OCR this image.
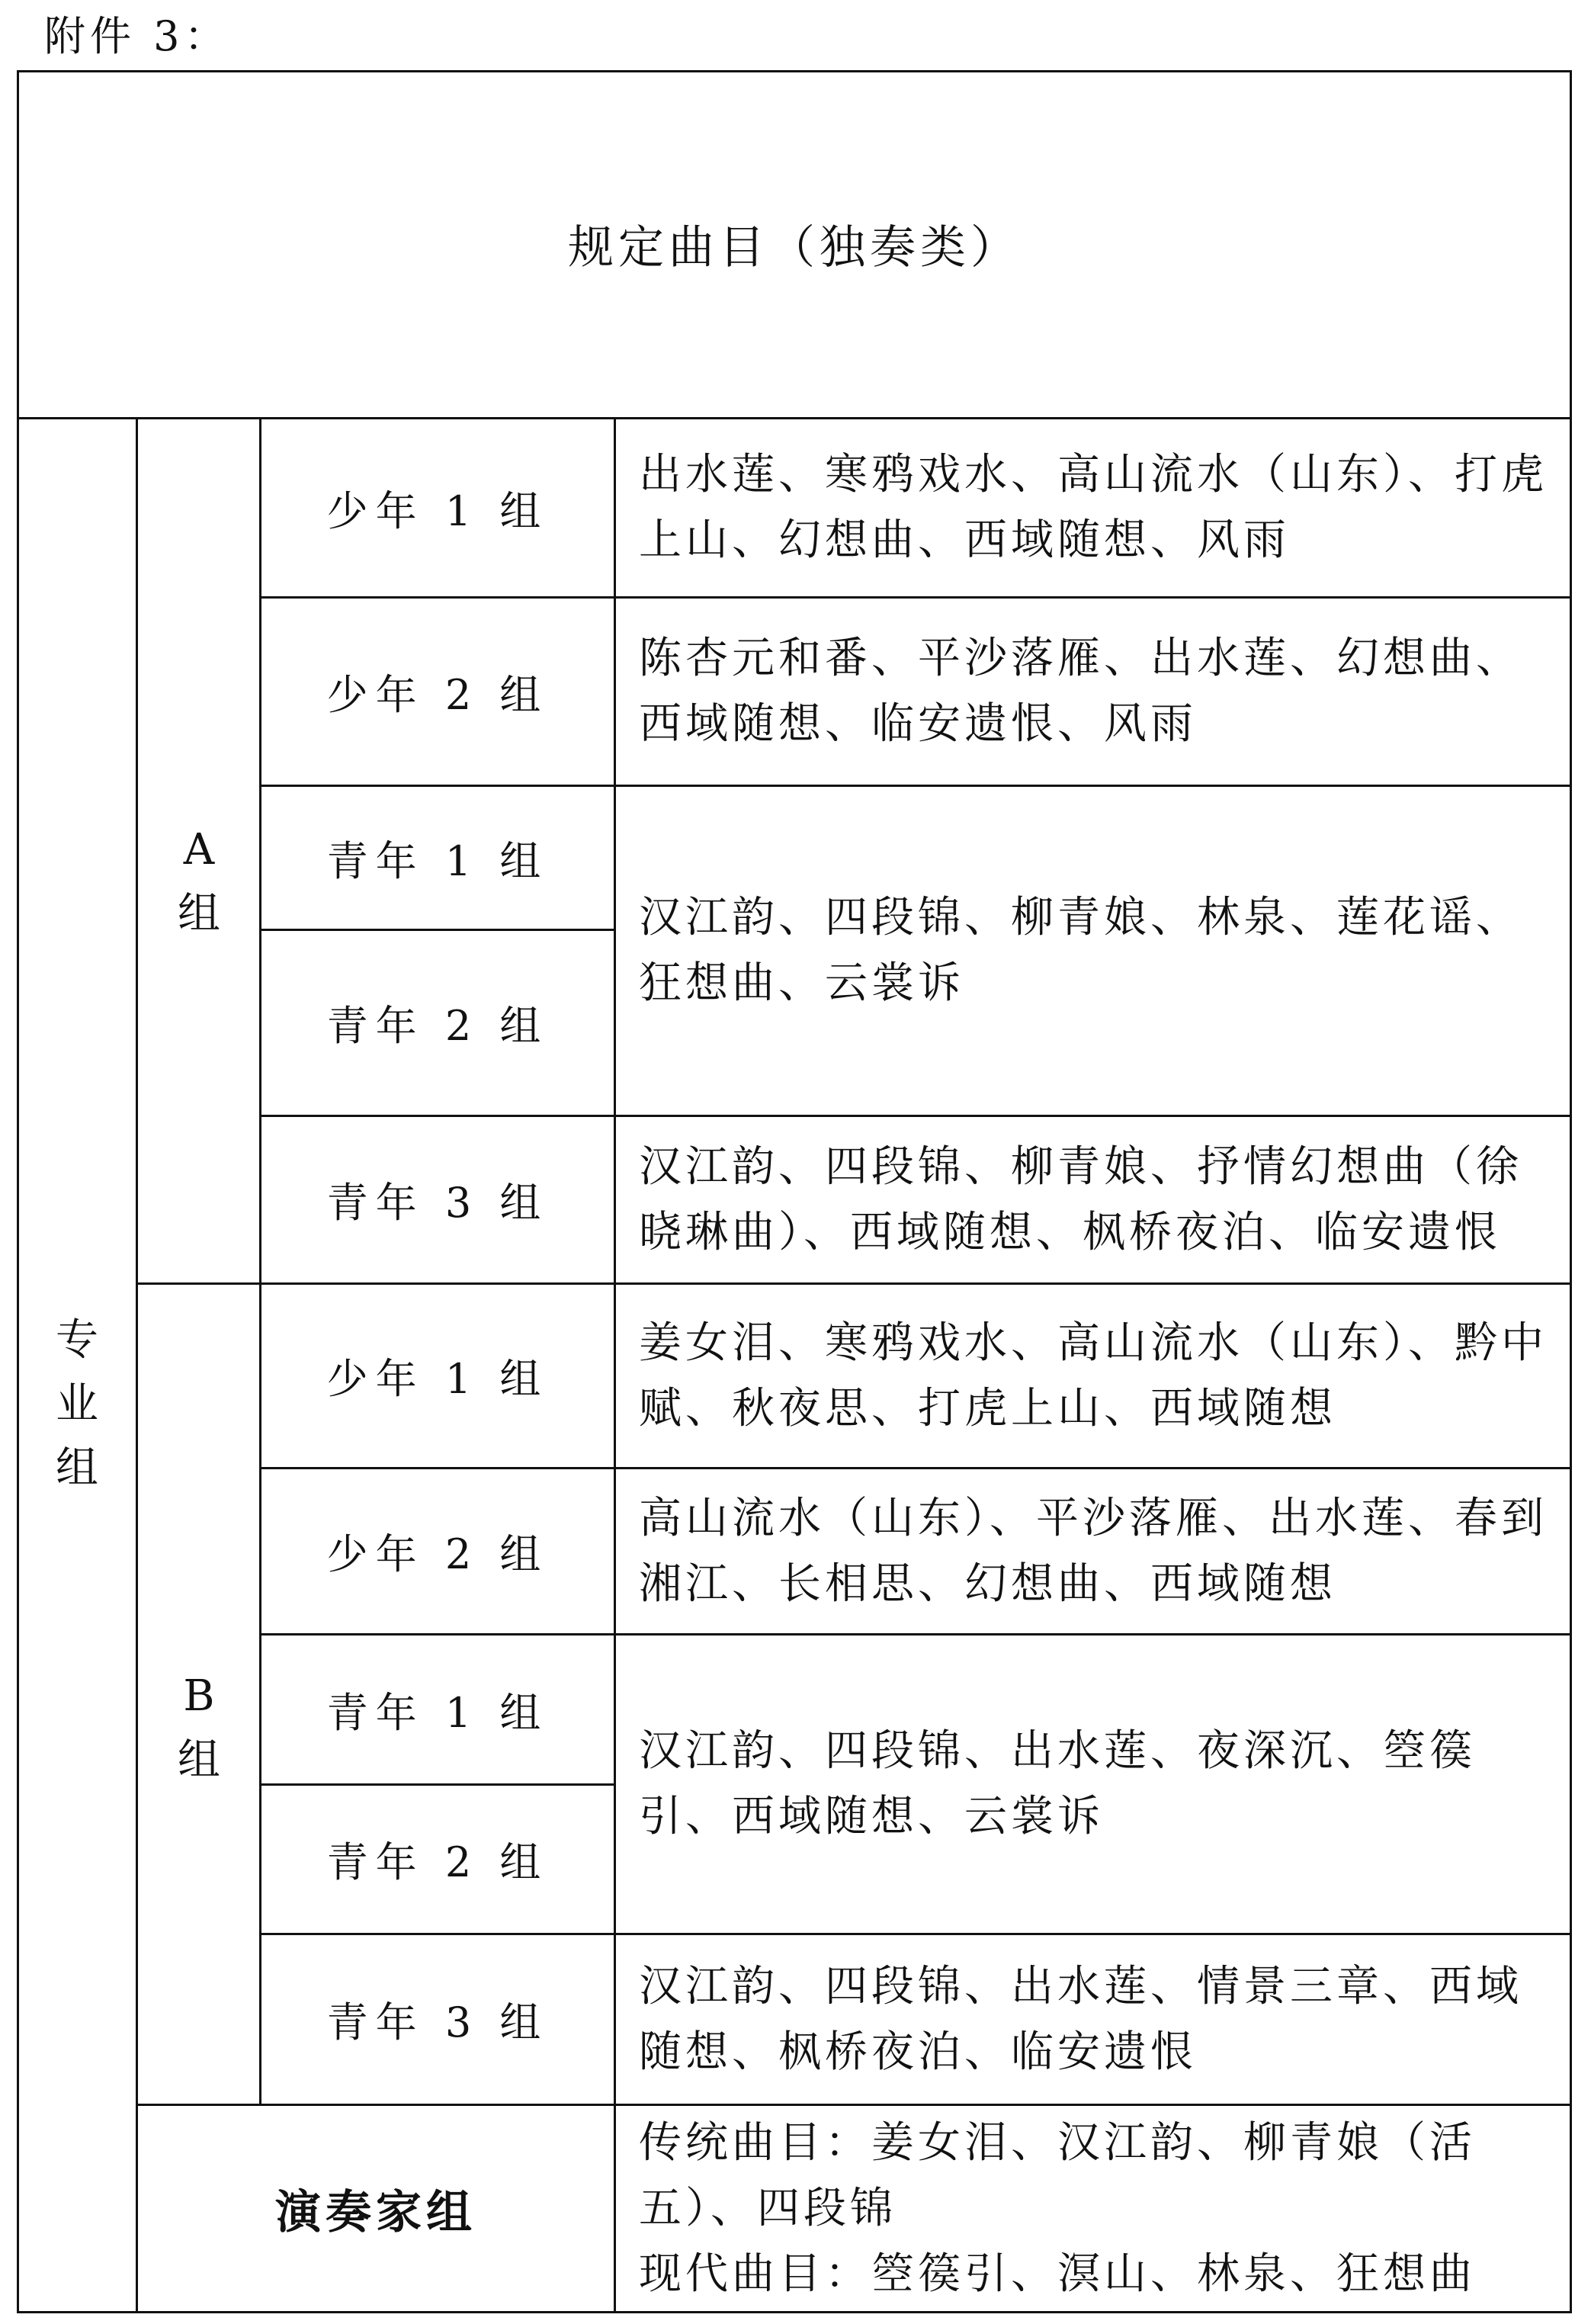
附件 3：
规定曲目（独奏类）
专
业
组
A
组
少年 1 组
少年 2 组
青年 1 组
青年 2 组
青年 3 组
出水莲、寒鸦戏水、高山流水（山东）、打虎上山、幻想曲、西域随想、风雨
陈杏元和番、平沙落雁、出水莲、幻想曲、西域随想、临安遗恨、风雨
汉江韵、四段锦、柳青娘、林泉、莲花谣、狂想曲、云裳诉
汉江韵、四段锦、柳青娘、抒情幻想曲（徐晓琳曲）、西域随想、枫桥夜泊、临安遗恨
B
组
少年 1 组
少年 2 组
青年 1 组
青年 2 组
青年 3 组
姜女泪、寒鸦戏水、高山流水（山东）、黔中赋、秋夜思、打虎上山、西域随想
高山流水（山东）、平沙落雁、出水莲、春到湘江、长相思、幻想曲、西域随想
汉江韵、四段锦、出水莲、夜深沉、箜篌引、西域随想、云裳诉
汉江韵、四段锦、出水莲、情景三章、西域随想、枫桥夜泊、临安遗恨
演奏家组
传统曲目：姜女泪、汉江韵、柳青娘（活五）、四段锦
现代曲目：箜篌引、溟山、林泉、狂想曲
